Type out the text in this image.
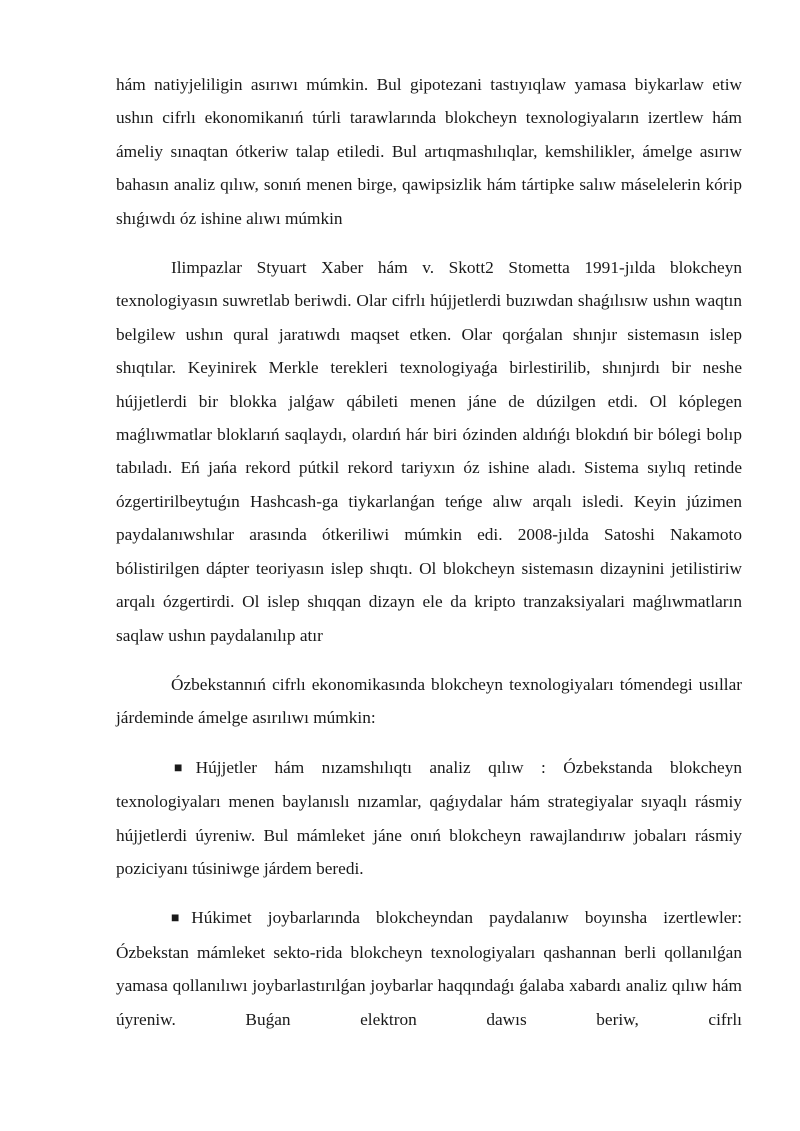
hám natiyjeliligin asırıwı múmkin. Bul gipotezani tastıyıqlaw yamasa biykarlaw etiw ushın cifrlı ekonomikanıń túrli tarawlarında blokcheyn texnologiyaların izertlew hám ámeliy sınaqtan ótkeriw talap etiledi. Bul artıqmashılıqlar, kemshilikler, ámelge asırıw bahasın analiz qılıw, sonıń menen birge, qawipsizlik hám tártipke salıw máselelerin kórip shıǵıwdı óz ishine alıwı múmkin

Ilimpazlar Styuart Xaber hám v. Skott2 Stometta 1991-jılda blokcheyn texnologiyasın suwretlab beriwdi. Olar cifrlı hújjetlerdi buzıwdan shaǵılısıw ushın waqtın belgilew ushın qural jaratıwdı maqset etken. Olar qorǵalan shınjır sistemasın islep shıqtılar. Keyinirek Merkle terekleri texnologiyaǵa birlestirilib, shınjırdı bir neshe hújjetlerdi bir blokka jalǵaw qábileti menen jáne de dúzilgen etdi. Ol kóplegen maǵlıwmatlar bloklarıń saqlaydı, olardıń hár biri ózinden aldıńǵı blokdıń bir bólegi bolıp tabıladı. Eń jańa rekord pútkil rekord tariyxın óz ishine aladı. Sistema sıylıq retinde ózgertirilbeytuǵın Hashcash-ga tiykarlanǵan teńge alıw arqalı isledi. Keyin júzimen paydalanıwshılar arasında ótkeriliwi múmkin edi. 2008-jılda Satoshi Nakamoto bólistirilgen dápter teoriyasın islep shıqtı. Ol blokcheyn sistemasın dizaynini jetilistiriw arqalı ózgertirdi. Ol islep shıqqan dizayn ele da kripto tranzaksiyalari maǵlıwmatların saqlaw ushın paydalanılıp atır

Ózbekstannıń cifrlı ekonomikasında blokcheyn texnologiyaları tómendegi usıllar járdeminde ámelge asırılıwı múmkin:

■Hújjetler hám nızamshılıqtı analiz qılıw : Ózbekstanda blokcheyn texnologiyaları menen baylanıslı nızamlar, qaǵıydalar hám strategiyalar sıyaqlı rásmiy hújjetlerdi úyreniw. Bul mámleket jáne onıń blokcheyn rawajlandırıw jobaları rásmiy poziciyanı túsiniwge járdem beredi.

■Húkimet joybarlarında blokcheyndan paydalanıw boyınsha izertlewler: Ózbekstan mámleket sekto-rida blokcheyn texnologiyaları qashannan berli qollanılǵan yamasa qollanılıwı joybarlastırılǵan joybarlar haqqındaǵı ǵalaba xabardı analiz qılıw hám úyreniw. Buǵan elektron dawıs beriw, cifrlı
